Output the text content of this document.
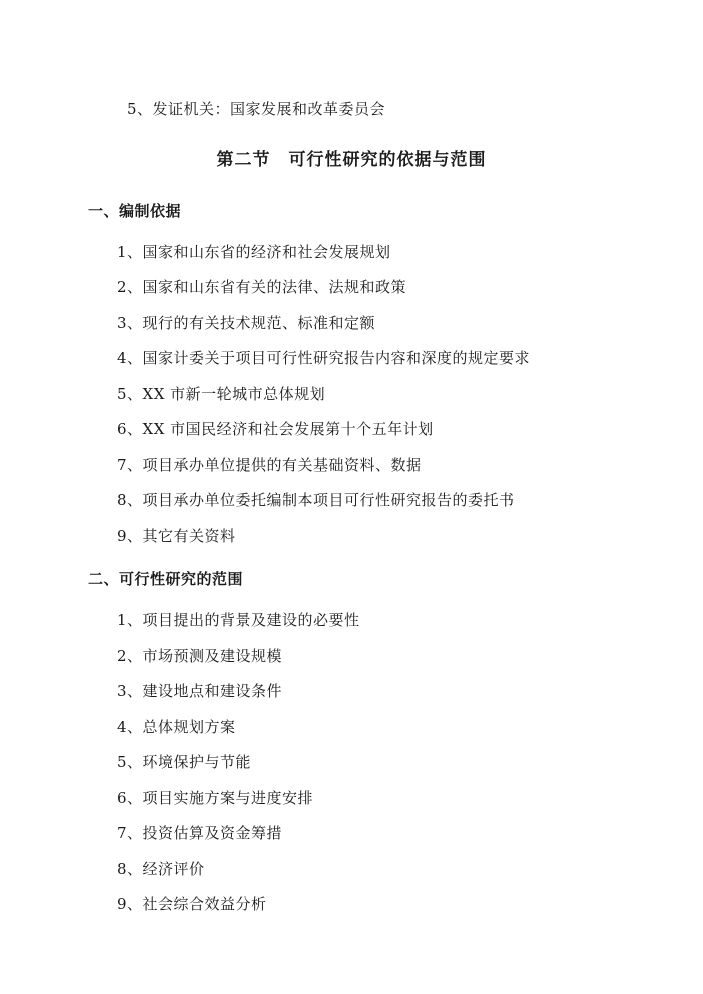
5、发证机关：国家发展和改革委员会
第二节　可行性研究的依据与范围
一、编制依据
1、国家和山东省的经济和社会发展规划
2、国家和山东省有关的法律、法规和政策
3、现行的有关技术规范、标准和定额
4、国家计委关于项目可行性研究报告内容和深度的规定要求
5、XX 市新一轮城市总体规划
6、XX 市国民经济和社会发展第十个五年计划
7、项目承办单位提供的有关基础资料、数据
8、项目承办单位委托编制本项目可行性研究报告的委托书
9、其它有关资料
二、可行性研究的范围
1、项目提出的背景及建设的必要性
2、市场预测及建设规模
3、建设地点和建设条件
4、总体规划方案
5、环境保护与节能
6、项目实施方案与进度安排
7、投资估算及资金筹措
8、经济评价
9、社会综合效益分析
